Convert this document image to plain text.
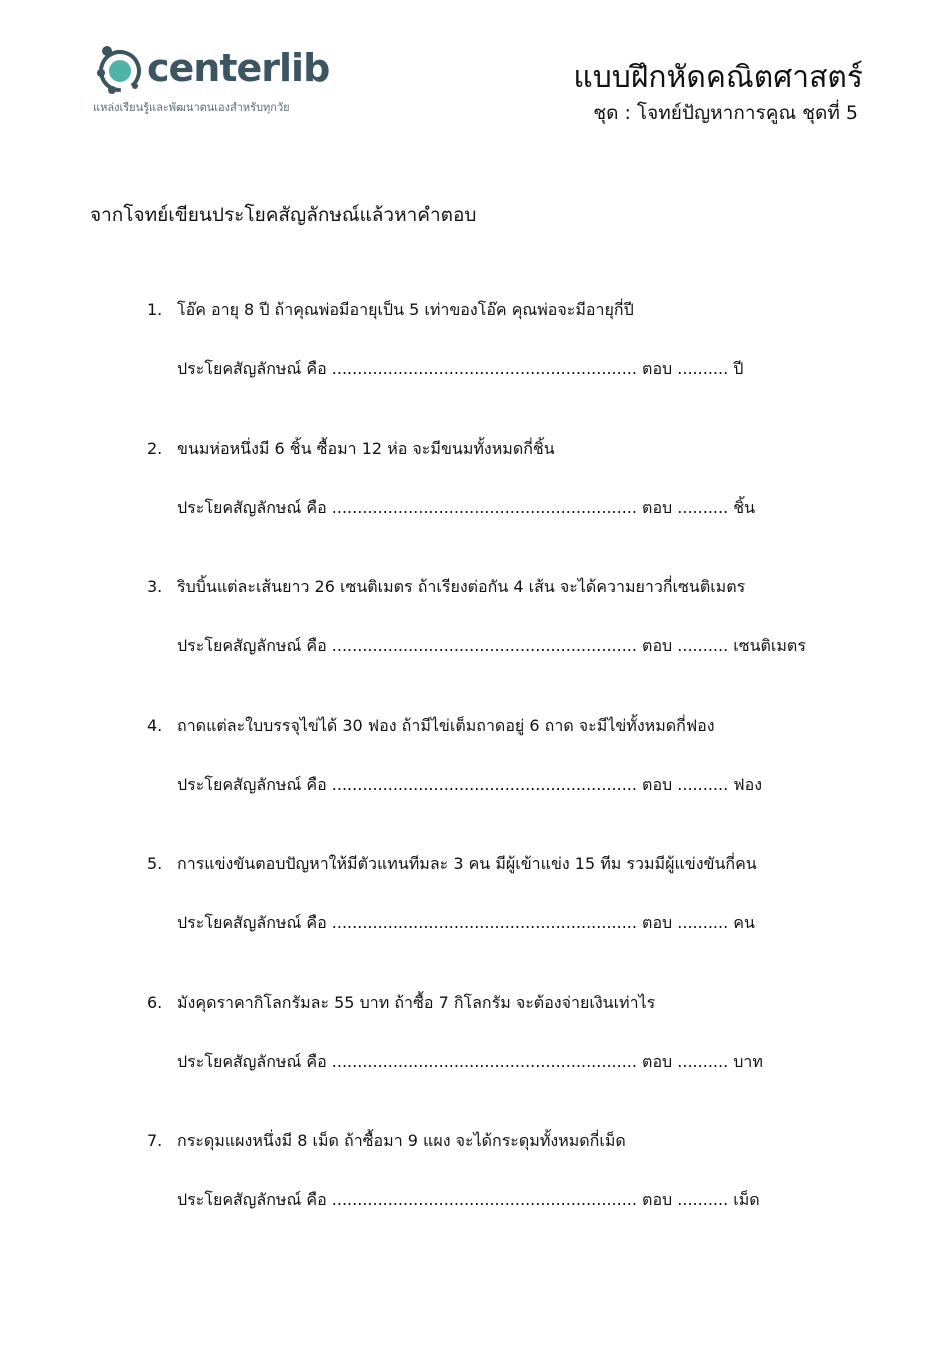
centerlib
แหล่งเรียนรู้และพัฒนาตนเองสำหรับทุกวัย
แบบฝึกหัดคณิตศาสตร์
ชุด : โจทย์ปัญหาการคูณ ชุดที่ 5
จากโจทย์เขียนประโยคสัญลักษณ์แล้วหาคำตอบ
1. โอ๊ค อายุ 8 ปี ถ้าคุณพ่อมีอายุเป็น 5 เท่าของโอ๊ค คุณพ่อจะมีอายุกี่ปี
ประโยคสัญลักษณ์ คือ ............................................................ ตอบ .......... ปี
2. ขนมห่อหนึ่งมี 6 ชิ้น ซื้อมา 12 ห่อ จะมีขนมทั้งหมดกี่ชิ้น
ประโยคสัญลักษณ์ คือ ............................................................ ตอบ .......... ชิ้น
3. ริบบิ้นแต่ละเส้นยาว 26 เซนติเมตร ถ้าเรียงต่อกัน 4 เส้น จะได้ความยาวกี่เซนติเมตร
ประโยคสัญลักษณ์ คือ ............................................................ ตอบ .......... เซนติเมตร
4. ถาดแต่ละใบบรรจุไข่ได้ 30 ฟอง ถ้ามีไข่เต็มถาดอยู่ 6 ถาด จะมีไข่ทั้งหมดกี่ฟอง
ประโยคสัญลักษณ์ คือ ............................................................ ตอบ .......... ฟอง
5. การแข่งขันตอบปัญหาให้มีตัวแทนทีมละ 3 คน มีผู้เข้าแข่ง 15 ทีม รวมมีผู้แข่งขันกี่คน
ประโยคสัญลักษณ์ คือ ............................................................ ตอบ .......... คน
6. มังคุดราคากิโลกรัมละ 55 บาท ถ้าซื้อ 7 กิโลกรัม จะต้องจ่ายเงินเท่าไร
ประโยคสัญลักษณ์ คือ ............................................................ ตอบ .......... บาท
7. กระดุมแผงหนึ่งมี 8 เม็ด ถ้าซื้อมา 9 แผง จะได้กระดุมทั้งหมดกี่เม็ด
ประโยคสัญลักษณ์ คือ ............................................................ ตอบ .......... เม็ด
